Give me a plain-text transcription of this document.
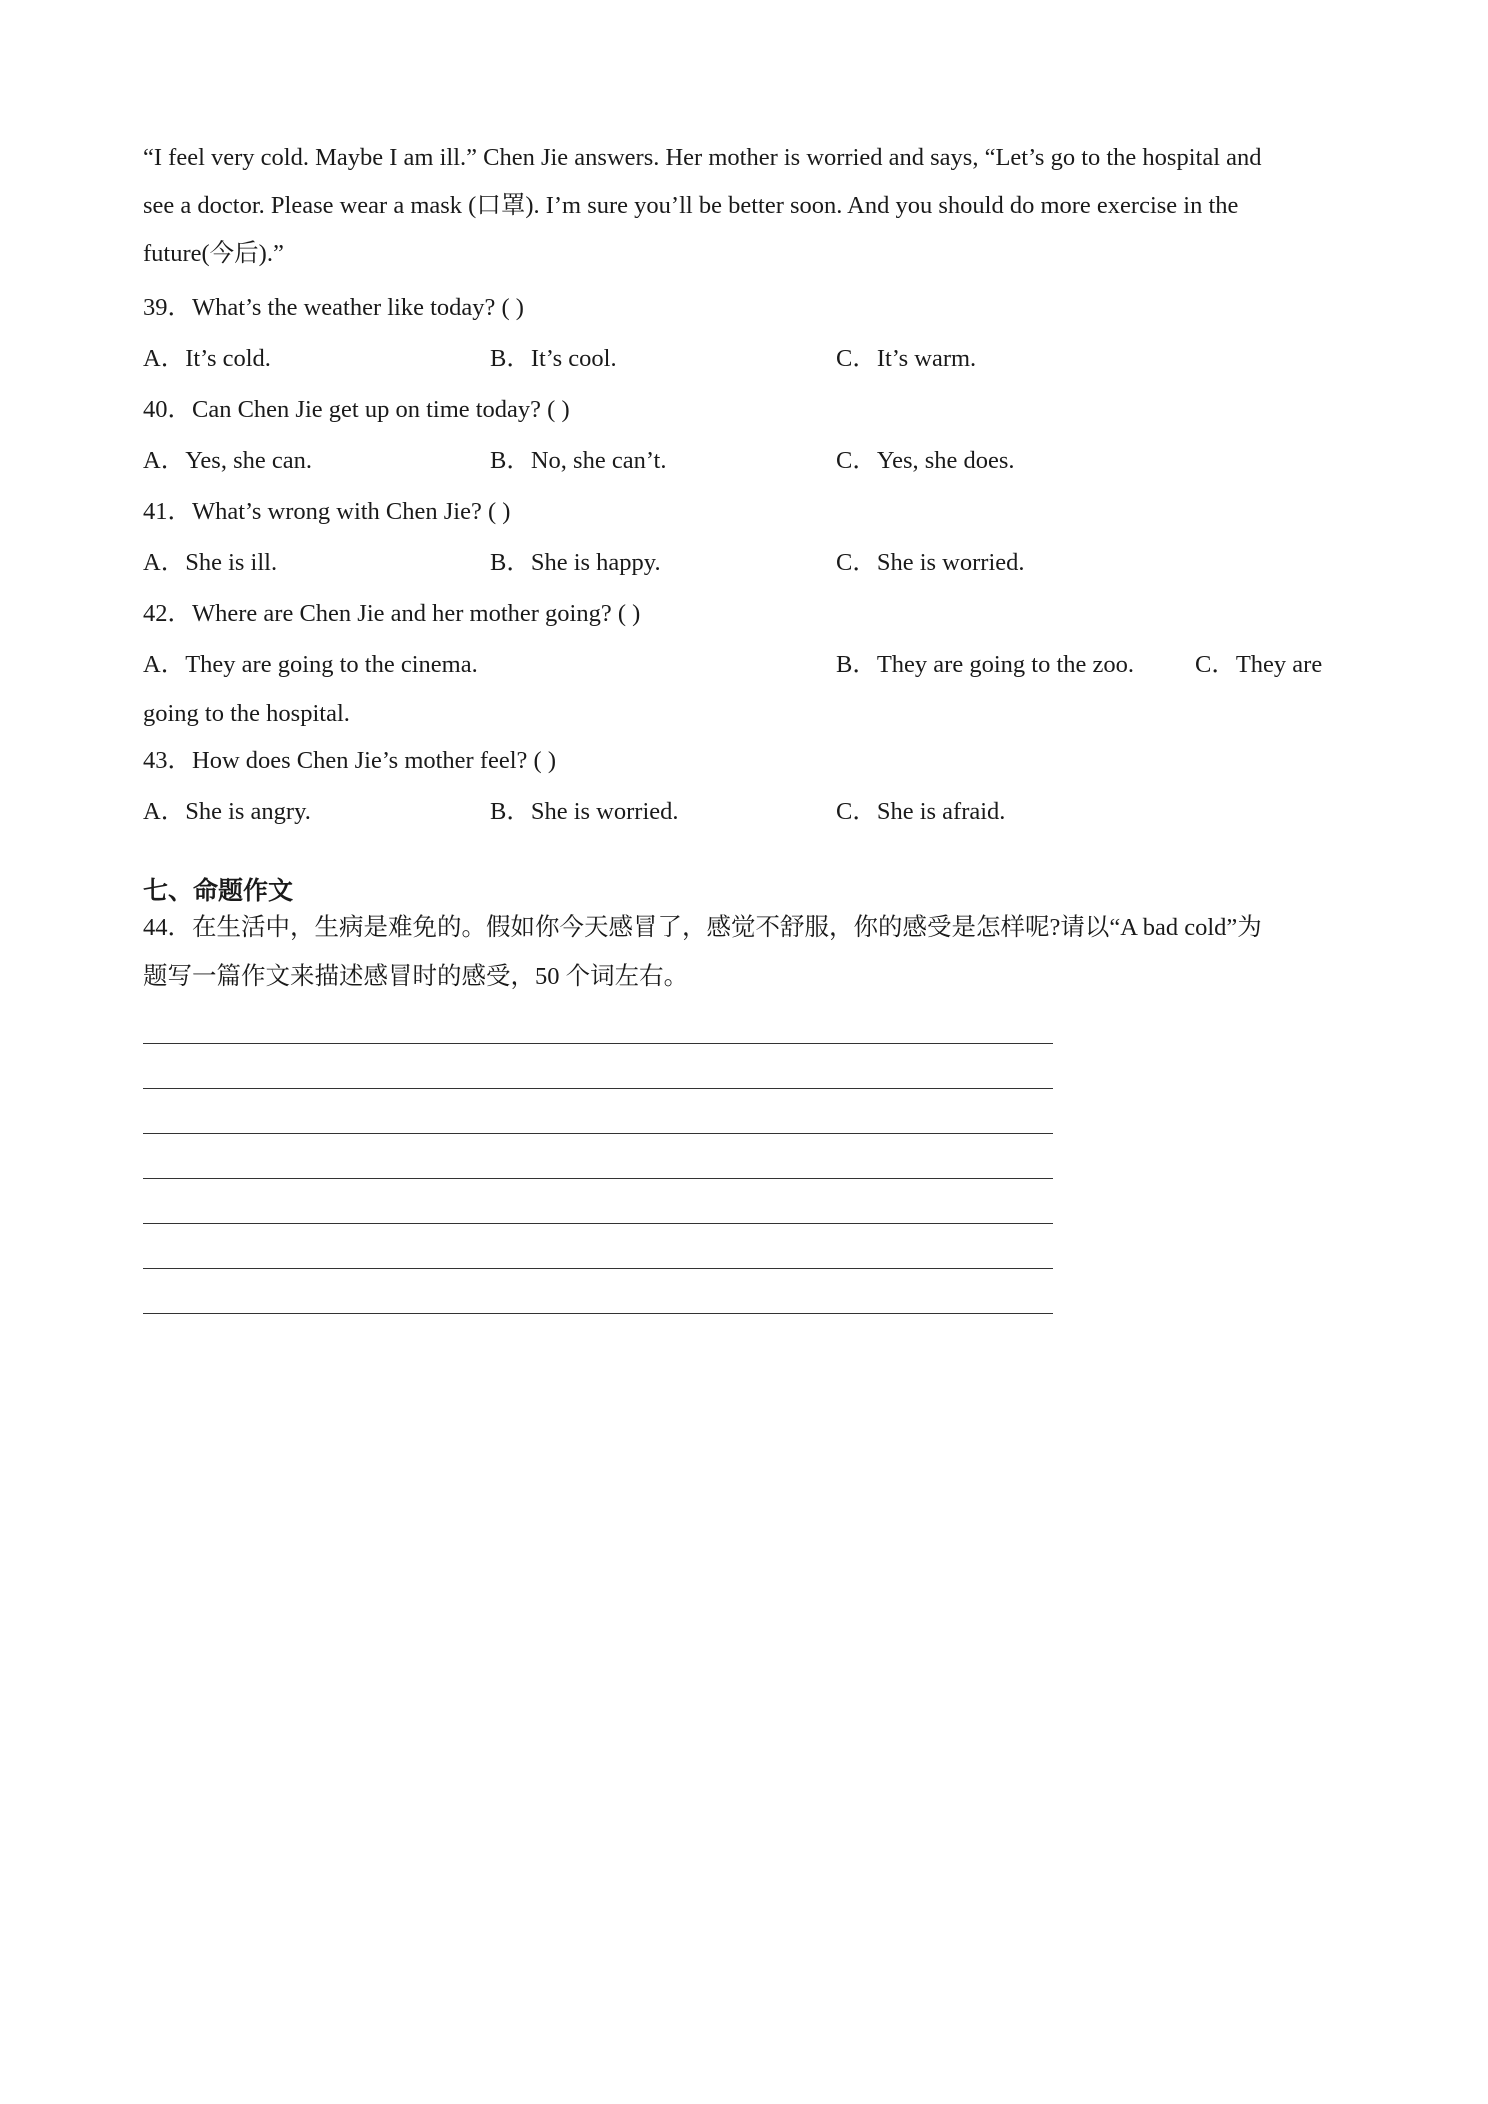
“I feel very cold. Maybe I am ill.” Chen Jie answers. Her mother is worried and says, “Let’s go to the hospital and
see a doctor. Please wear a mask (口罩). I’m sure you’ll be better soon. And you should do more exercise in the
future(今后).”
39．What’s the weather like today? ( )
A．It’s cold.	B．It’s cool.	C．It’s warm.
40．Can Chen Jie get up on time today? ( )
A．Yes, she can.	B．No, she can’t.	C．Yes, she does.
41．What’s wrong with Chen Jie? ( )
A．She is ill.	B．She is happy.	C．She is worried.
42．Where are Chen Jie and her mother going? ( )
A．They are going to the cinema.	B．They are going to the zoo. C．They are
going to the hospital.
43．How does Chen Jie’s mother feel? ( )
A．She is angry.	B．She is worried.	C．She is afraid.
七、命题作文
44．在生活中，生病是难免的。假如你今天感冒了，感觉不舒服，你的感受是怎样呢?请以“A bad cold”为
题写一篇作文来描述感冒时的感受，50 个词左右。
